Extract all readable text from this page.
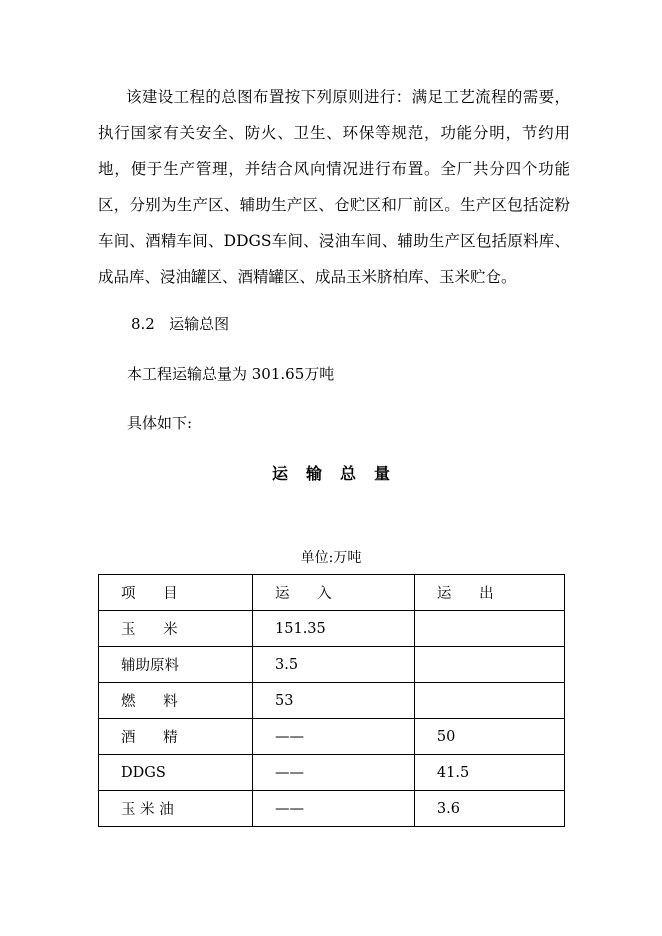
该建设工程的总图布置按下列原则进行：满足工艺流程的需要，执行国家有关安全、防火、卫生、环保等规范，功能分明，节约用地，便于生产管理，并结合风向情况进行布置。全厂共分四个功能区，分别为生产区、辅助生产区、仓贮区和厂前区。生产区包括淀粉车间、酒精车间、DDGS车间、浸油车间、辅助生产区包括原料库、成品库、浸油罐区、酒精罐区、成品玉米脐柏库、玉米贮仓。
8.2 运输总图
本工程运输总量为 301.65万吨
具体如下:
运输总量
单位:万吨
项      目	运      入	运      出
玉      米	151.35	
辅助原料	3.5	
燃      料	53	
酒      精	——	50
DDGS	——	41.5
玉 米 油	——	3.6
